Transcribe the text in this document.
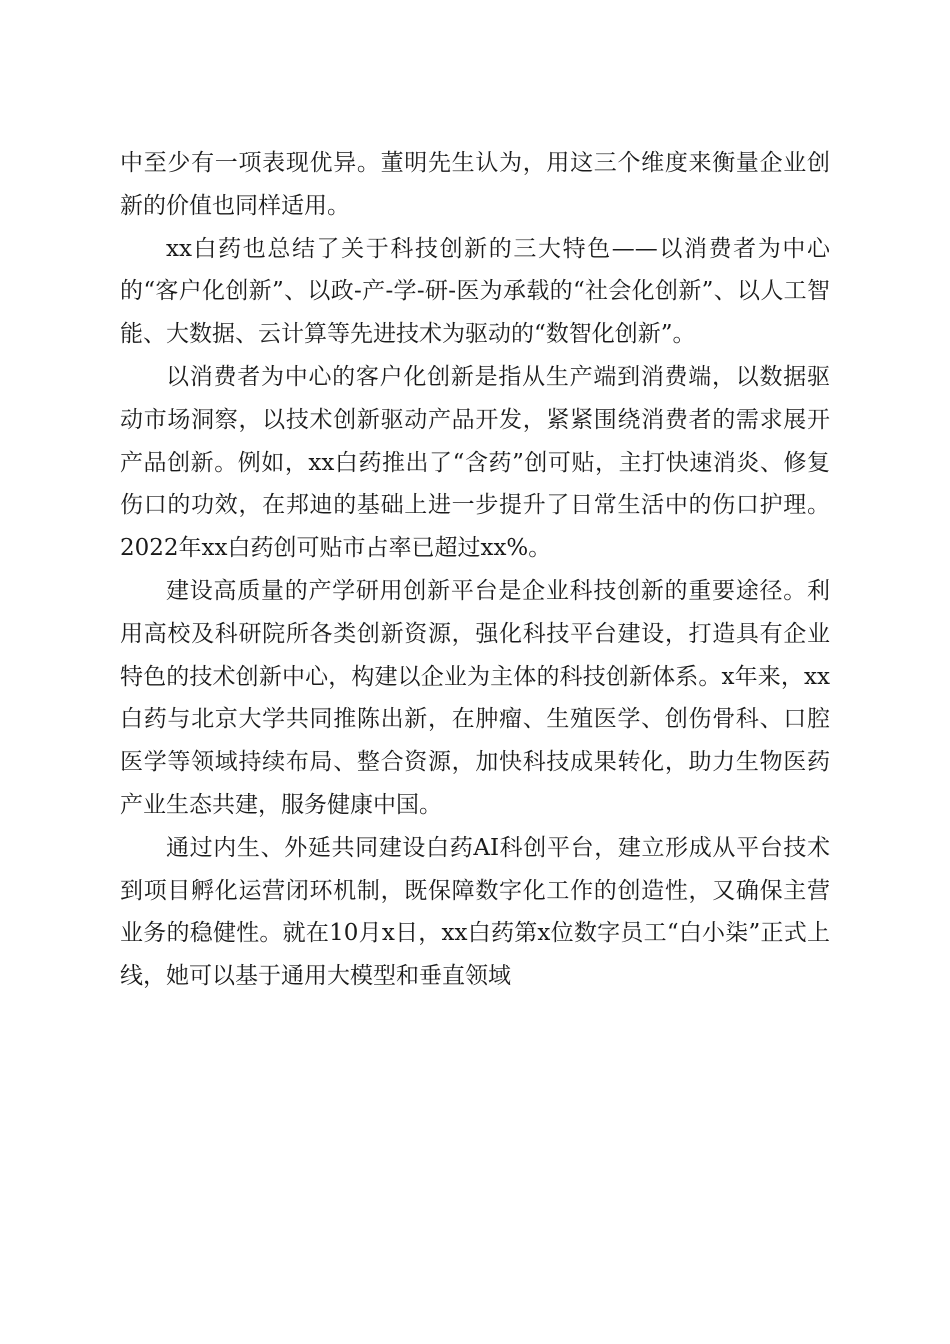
中至少有一项表现优异。董明先生认为，用这三个维度来衡量企业创新的价值也同样适用。

xx白药也总结了关于科技创新的三大特色——以消费者为中心的“客户化创新”、以政-产-学-研-医为承载的“社会化创新”、以人工智能、大数据、云计算等先进技术为驱动的“数智化创新”。

以消费者为中心的客户化创新是指从生产端到消费端，以数据驱动市场洞察，以技术创新驱动产品开发，紧紧围绕消费者的需求展开产品创新。例如，xx白药推出了“含药”创可贴，主打快速消炎、修复伤口的功效，在邦迪的基础上进一步提升了日常生活中的伤口护理。2022年xx白药创可贴市占率已超过xx%。

建设高质量的产学研用创新平台是企业科技创新的重要途径。利用高校及科研院所各类创新资源，强化科技平台建设，打造具有企业特色的技术创新中心，构建以企业为主体的科技创新体系。x年来，xx白药与北京大学共同推陈出新，在肿瘤、生殖医学、创伤骨科、口腔医学等领域持续布局、整合资源，加快科技成果转化，助力生物医药产业生态共建，服务健康中国。

通过内生、外延共同建设白药AI科创平台，建立形成从平台技术到项目孵化运营闭环机制，既保障数字化工作的创造性，又确保主营业务的稳健性。就在10月x日，xx白药第x位数字员工“白小柒”正式上线，她可以基于通用大模型和垂直领域
